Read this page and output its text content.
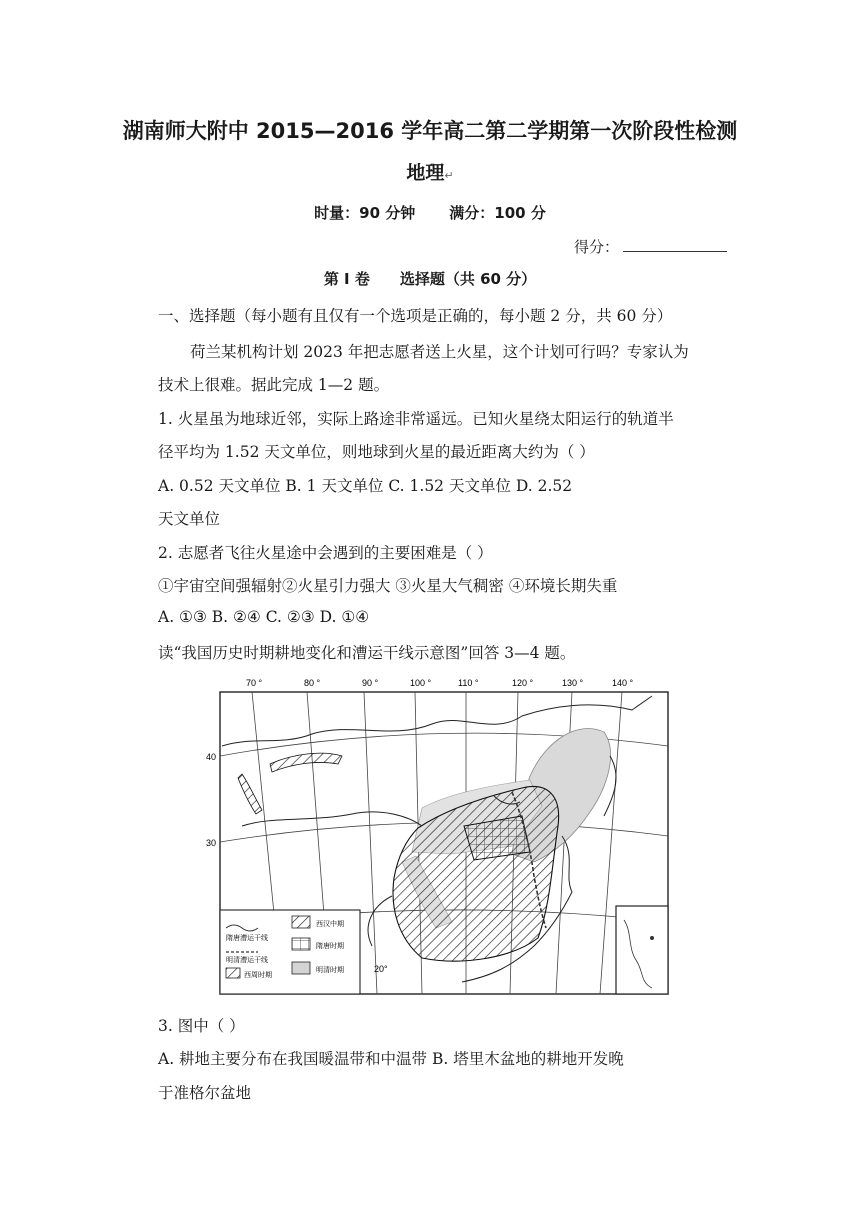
湖南师大附中 2015—2016 学年高二第二学期第一次阶段性检测
地理↵
时量：90 分钟 满分：100 分
得分：
第 I 卷 选择题（共 60 分）
一、选择题（每小题有且仅有一个选项是正确的，每小题 2 分，共 60 分）
荷兰某机构计划 2023 年把志愿者送上火星，这个计划可行吗？专家认为
技术上很难。据此完成 1—2 题。
1. 火星虽为地球近邻，实际上路途非常遥远。已知火星绕太阳运行的轨道半
径平均为 1.52 天文单位，则地球到火星的最近距离大约为（ ）
A. 0.52 天文单位 B. 1 天文单位 C. 1.52 天文单位 D. 2.52
天文单位
2. 志愿者飞往火星途中会遇到的主要困难是（ ）
①宇宙空间强辐射②火星引力强大 ③火星大气稠密 ④环境长期失重
A. ①③ B. ②④ C. ②③ D. ①④
读“我国历史时期耕地变化和漕运干线示意图”回答 3—4 题。
70 °	80 °	90 °	100 °	110 °	120 °	130 °	140 °
40
30
20°
隋唐漕运干线
明清漕运干线
西周时期
西汉中期
隋唐时期
明清时期
3. 图中（ ）
A. 耕地主要分布在我国暖温带和中温带 B. 塔里木盆地的耕地开发晚
于准格尔盆地
